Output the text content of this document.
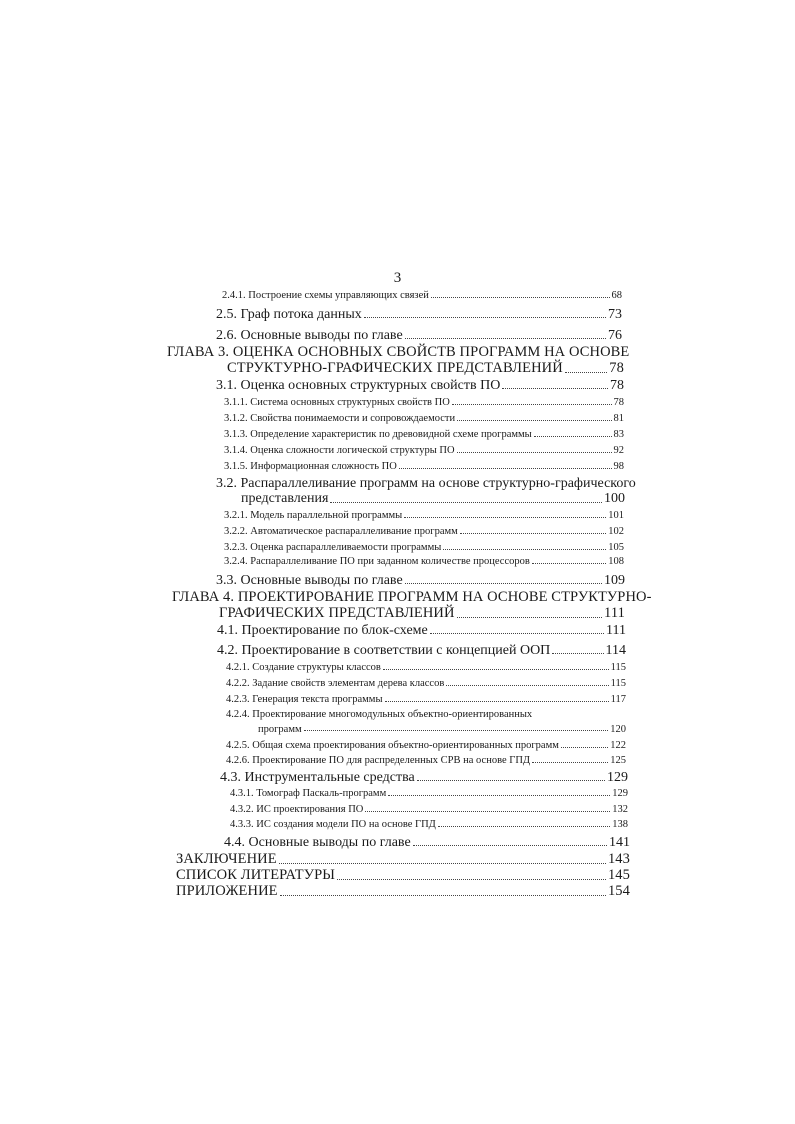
3
2.4.1. Построение схемы управляющих связей	68
2.5. Граф потока данных	73
2.6. Основные выводы по главе	76
ГЛАВА 3. ОЦЕНКА ОСНОВНЫХ СВОЙСТВ ПРОГРАММ НА ОСНОВЕ
СТРУКТУРНО-ГРАФИЧЕСКИХ ПРЕДСТАВЛЕНИЙ	78
3.1. Оценка основных структурных свойств ПО	78
3.1.1. Система основных структурных свойств ПО	78
3.1.2. Свойства понимаемости и сопровождаемости	81
3.1.3. Определение характеристик по древовидной схеме программы	83
3.1.4. Оценка сложности логической структуры ПО	92
3.1.5. Информационная сложность ПО	98
3.2. Распараллеливание программ на основе структурно-графического
представления	100
3.2.1. Модель параллельной программы	101
3.2.2. Автоматическое распараллеливание программ	102
3.2.3. Оценка распараллеливаемости программы	105
3.2.4. Распараллеливание ПО при заданном количестве процессоров	108
3.3. Основные выводы по главе	109
ГЛАВА 4. ПРОЕКТИРОВАНИЕ ПРОГРАММ НА ОСНОВЕ СТРУКТУРНО-
ГРАФИЧЕСКИХ ПРЕДСТАВЛЕНИЙ	111
4.1. Проектирование по блок-схеме	111
4.2. Проектирование в соответствии с концепцией ООП	114
4.2.1. Создание структуры классов	115
4.2.2. Задание свойств элементам дерева классов	115
4.2.3. Генерация текста программы	117
4.2.4. Проектирование многомодульных объектно-ориентированных
программ	120
4.2.5. Общая схема проектирования объектно-ориентированных программ	122
4.2.6. Проектирование ПО для распределенных СРВ на основе ГПД	125
4.3. Инструментальные средства	129
4.3.1. Томограф Паскаль-программ	129
4.3.2. ИС проектирования ПО	132
4.3.3. ИС создания модели ПО на основе ГПД	138
4.4. Основные выводы по главе	141
ЗАКЛЮЧЕНИЕ	143
СПИСОК ЛИТЕРАТУРЫ	145
ПРИЛОЖЕНИЕ	154
